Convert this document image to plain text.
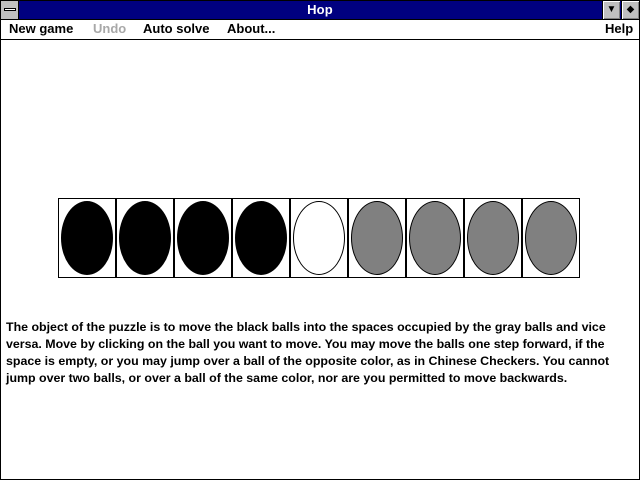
Hop	▼	◆
New game Undo Auto solve About...	Help

The object of the puzzle is to move the black balls into the spaces occupied by the gray balls and vice versa. Move by clicking on the ball you want to move. You may move the balls one step forward, if the space is empty, or you may jump over a ball of the opposite color, as in Chinese Checkers. You cannot jump over two balls, or over a ball of the same color, nor are you permitted to move backwards.
